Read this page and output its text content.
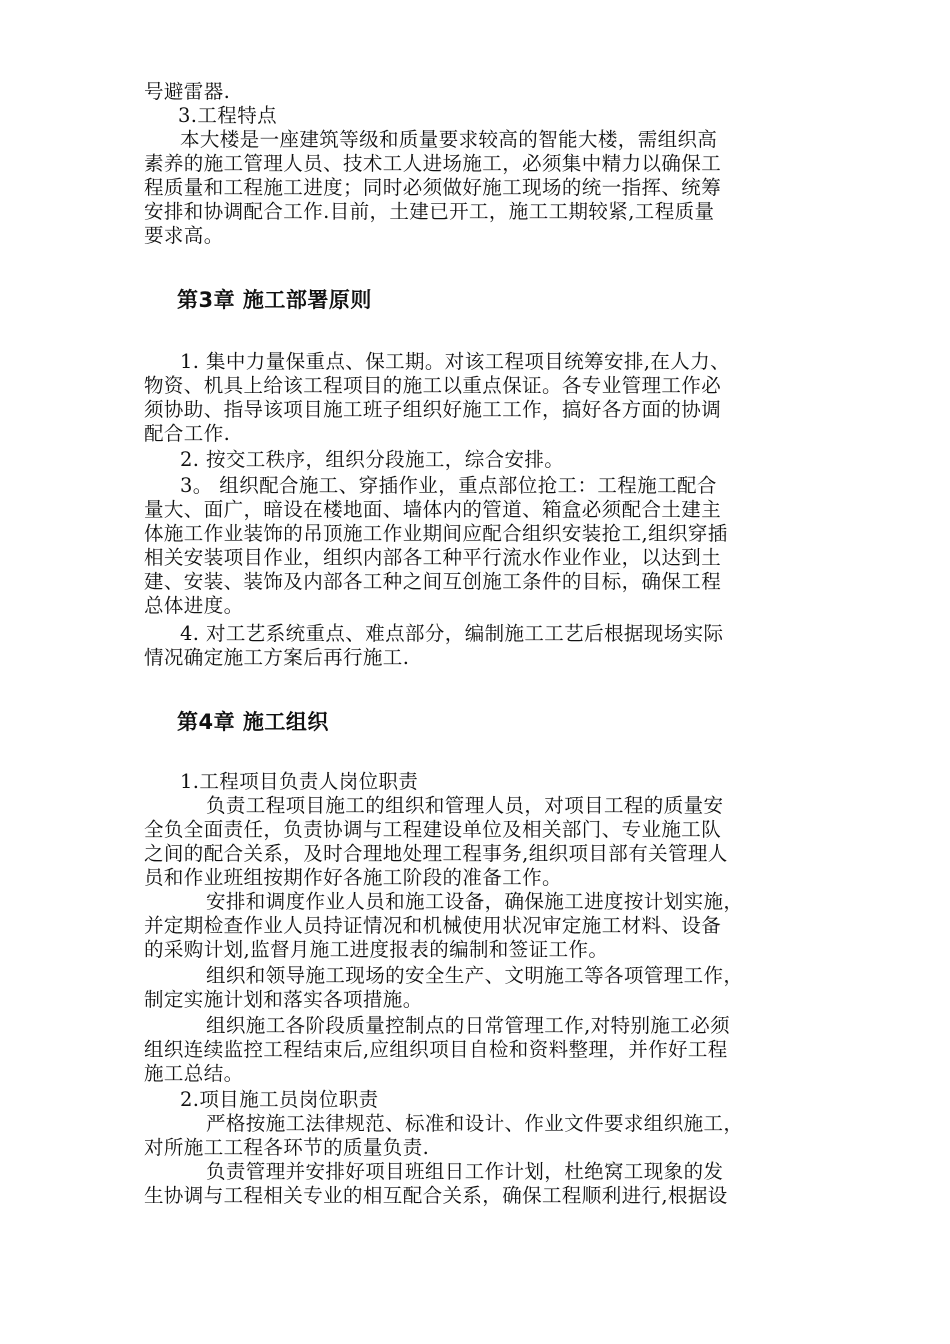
号避雷器.
3.工程特点
本大楼是一座建筑等级和质量要求较高的智能大楼，需组织高
素养的施工管理人员、技术工人进场施工，必须集中精力以确保工
程质量和工程施工进度；同时必须做好施工现场的统一指挥、统筹
安排和协调配合工作.目前，土建已开工，施工工期较紧,工程质量
要求高。
第3章 施工部署原则
1. 集中力量保重点、保工期。对该工程项目统筹安排,在人力、
物资、机具上给该工程项目的施工以重点保证。各专业管理工作必
须协助、指导该项目施工班子组织好施工工作，搞好各方面的协调
配合工作.
2. 按交工秩序，组织分段施工，综合安排。
3。 组织配合施工、穿插作业，重点部位抢工：工程施工配合
量大、面广，暗设在楼地面、墙体内的管道、箱盒必须配合土建主
体施工作业装饰的吊顶施工作业期间应配合组织安装抢工,组织穿插
相关安装项目作业，组织内部各工种平行流水作业作业，以达到土
建、安装、装饰及内部各工种之间互创施工条件的目标，确保工程
总体进度。
4. 对工艺系统重点、难点部分，编制施工工艺后根据现场实际
情况确定施工方案后再行施工.
第4章 施工组织
1.工程项目负责人岗位职责
负责工程项目施工的组织和管理人员，对项目工程的质量安
全负全面责任，负责协调与工程建设单位及相关部门、专业施工队
之间的配合关系，及时合理地处理工程事务,组织项目部有关管理人
员和作业班组按期作好各施工阶段的准备工作。
安排和调度作业人员和施工设备，确保施工进度按计划实施，
并定期检查作业人员持证情况和机械使用状况审定施工材料、设备
的采购计划,监督月施工进度报表的编制和签证工作。
组织和领导施工现场的安全生产、文明施工等各项管理工作，
制定实施计划和落实各项措施。
组织施工各阶段质量控制点的日常管理工作,对特别施工必须
组织连续监控工程结束后,应组织项目自检和资料整理，并作好工程
施工总结。
2.项目施工员岗位职责
严格按施工法律规范、标准和设计、作业文件要求组织施工，
对所施工工程各环节的质量负责.
负责管理并安排好项目班组日工作计划，杜绝窝工现象的发
生协调与工程相关专业的相互配合关系，确保工程顺利进行,根据设
